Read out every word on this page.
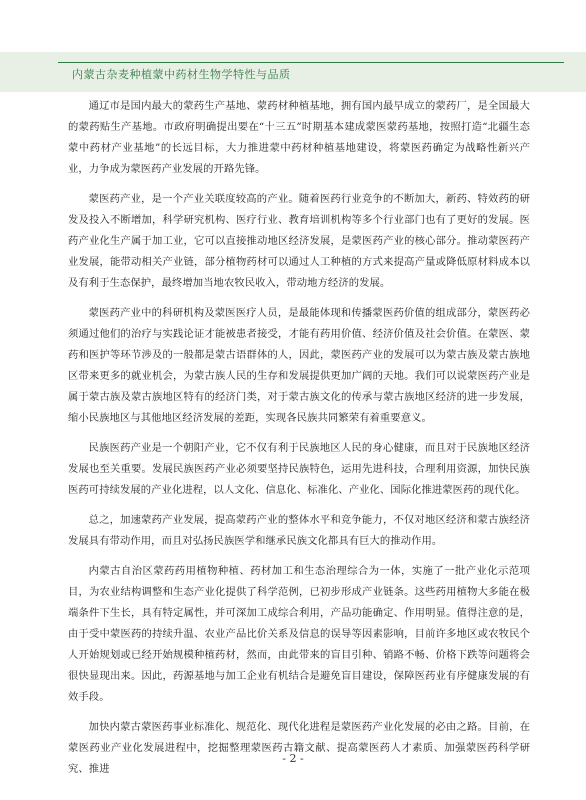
内蒙古杂麦种植蒙中药材生物学特性与品质

通辽市是国内最大的蒙药生产基地、蒙药材种植基地，拥有国内最早成立的蒙药厂，是全国最大的蒙药贴生产基地。市政府明确提出要在“十三五”时期基本建成蒙医蒙药基地，按照打造“北疆生态蒙中药材产业基地”的长远目标，大力推进蒙中药材种植基地建设，将蒙医药确定为战略性新兴产业，力争成为蒙医药产业发展的开路先锋。

蒙医药产业，是一个产业关联度较高的产业。随着医药行业竞争的不断加大，新药、特效药的研发及投入不断增加，科学研究机构、医疗行业、教育培训机构等多个行业部门也有了更好的发展。医药产业化生产属于加工业，它可以直接推动地区经济发展，是蒙医药产业的核心部分。推动蒙医药产业发展，能带动相关产业链，部分植物药材可以通过人工种植的方式来提高产量或降低原材料成本以及有利于生态保护，最终增加当地农牧民收入，带动地方经济的发展。

蒙医药产业中的科研机构及蒙医医疗人员，是最能体现和传播蒙医药价值的组成部分，蒙医药必须通过他们的治疗与实践论证才能被患者接受，才能有药用价值、经济价值及社会价值。在蒙医、蒙药和医护等环节涉及的一般都是蒙古语群体的人，因此，蒙医药产业的发展可以为蒙古族及蒙古族地区带来更多的就业机会，为蒙古族人民的生存和发展提供更加广阔的天地。我们可以说蒙医药产业是属于蒙古族及蒙古族地区特有的经济门类，对于蒙古族文化的传承与蒙古族地区经济的进一步发展，缩小民族地区与其他地区经济发展的差距，实现各民族共同繁荣有着重要意义。

民族医药产业是一个朝阳产业，它不仅有利于民族地区人民的身心健康，而且对于民族地区经济发展也至关重要。发展民族医药产业必须要坚持民族特色，运用先进科技，合理利用资源，加快民族医药可持续发展的产业化进程，以人文化、信息化、标准化、产业化、国际化推进蒙医药的现代化。

总之，加速蒙药产业发展，提高蒙药产业的整体水平和竞争能力，不仅对地区经济和蒙古族经济发展具有带动作用，而且对弘扬民族医学和继承民族文化都具有巨大的推动作用。

内蒙古自治区蒙药药用植物种植、药材加工和生态治理综合为一体，实施了一批产业化示范项目，为农业结构调整和生态产业化提供了科学范例，已初步形成产业链条。这些药用植物大多能在极端条件下生长，具有特定属性，并可深加工成综合利用，产品功能确定、作用明显。值得注意的是，由于受中蒙医药的持续升温、农业产品比价关系及信息的误导等因素影响，目前许多地区或农牧民个人开始规划或已经开始规模种植药材，然而，由此带来的盲目引种、销路不畅、价格下跌等问题将会很快显现出来。因此，药源基地与加工企业有机结合是避免盲目建设，保障医药业有序健康发展的有效手段。

加快内蒙古蒙医药事业标准化、规范化、现代化进程是蒙医药产业化发展的必由之路。目前，在蒙医药业产业化发展进程中，挖掘整理蒙医药古籍文献、提高蒙医药人才素质、加强蒙医药科学研究、推进

- 2 -
